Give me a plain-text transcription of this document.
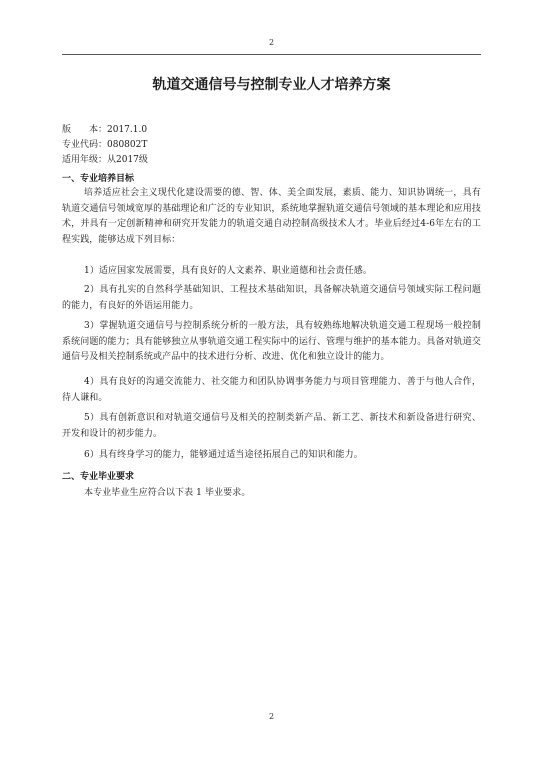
2
轨道交通信号与控制专业人才培养方案
版　　本：2017.1.0
专业代码：080802T
适用年级：从2017级
一、专业培养目标
培养适应社会主义现代化建设需要的德、智、体、美全面发展，素质、能力、知识协调统一，具有轨道交通信号领域宽厚的基础理论和广泛的专业知识，系统地掌握轨道交通信号领域的基本理论和应用技术，并具有一定创新精神和研究开发能力的轨道交通自动控制高级技术人才。毕业后经过4-6年左右的工程实践，能够达成下列目标：
1）适应国家发展需要，具有良好的人文素养、职业道德和社会责任感。
2）具有扎实的自然科学基础知识、工程技术基础知识，具备解决轨道交通信号领域实际工程问题的能力，有良好的外语运用能力。
3）掌握轨道交通信号与控制系统分析的一般方法，具有较熟练地解决轨道交通工程现场一般控制系统问题的能力；具有能够独立从事轨道交通工程实际中的运行、管理与维护的基本能力。具备对轨道交通信号及相关控制系统或产品中的技术进行分析、改进、优化和独立设计的能力。
4）具有良好的沟通交流能力、社交能力和团队协调事务能力与项目管理能力、善于与他人合作，待人谦和。
5）具有创新意识和对轨道交通信号及相关的控制类新产品、新工艺、新技术和新设备进行研究、开发和设计的初步能力。
6）具有终身学习的能力，能够通过适当途径拓展自己的知识和能力。
二、专业毕业要求
本专业毕业生应符合以下表 1 毕业要求。
2
